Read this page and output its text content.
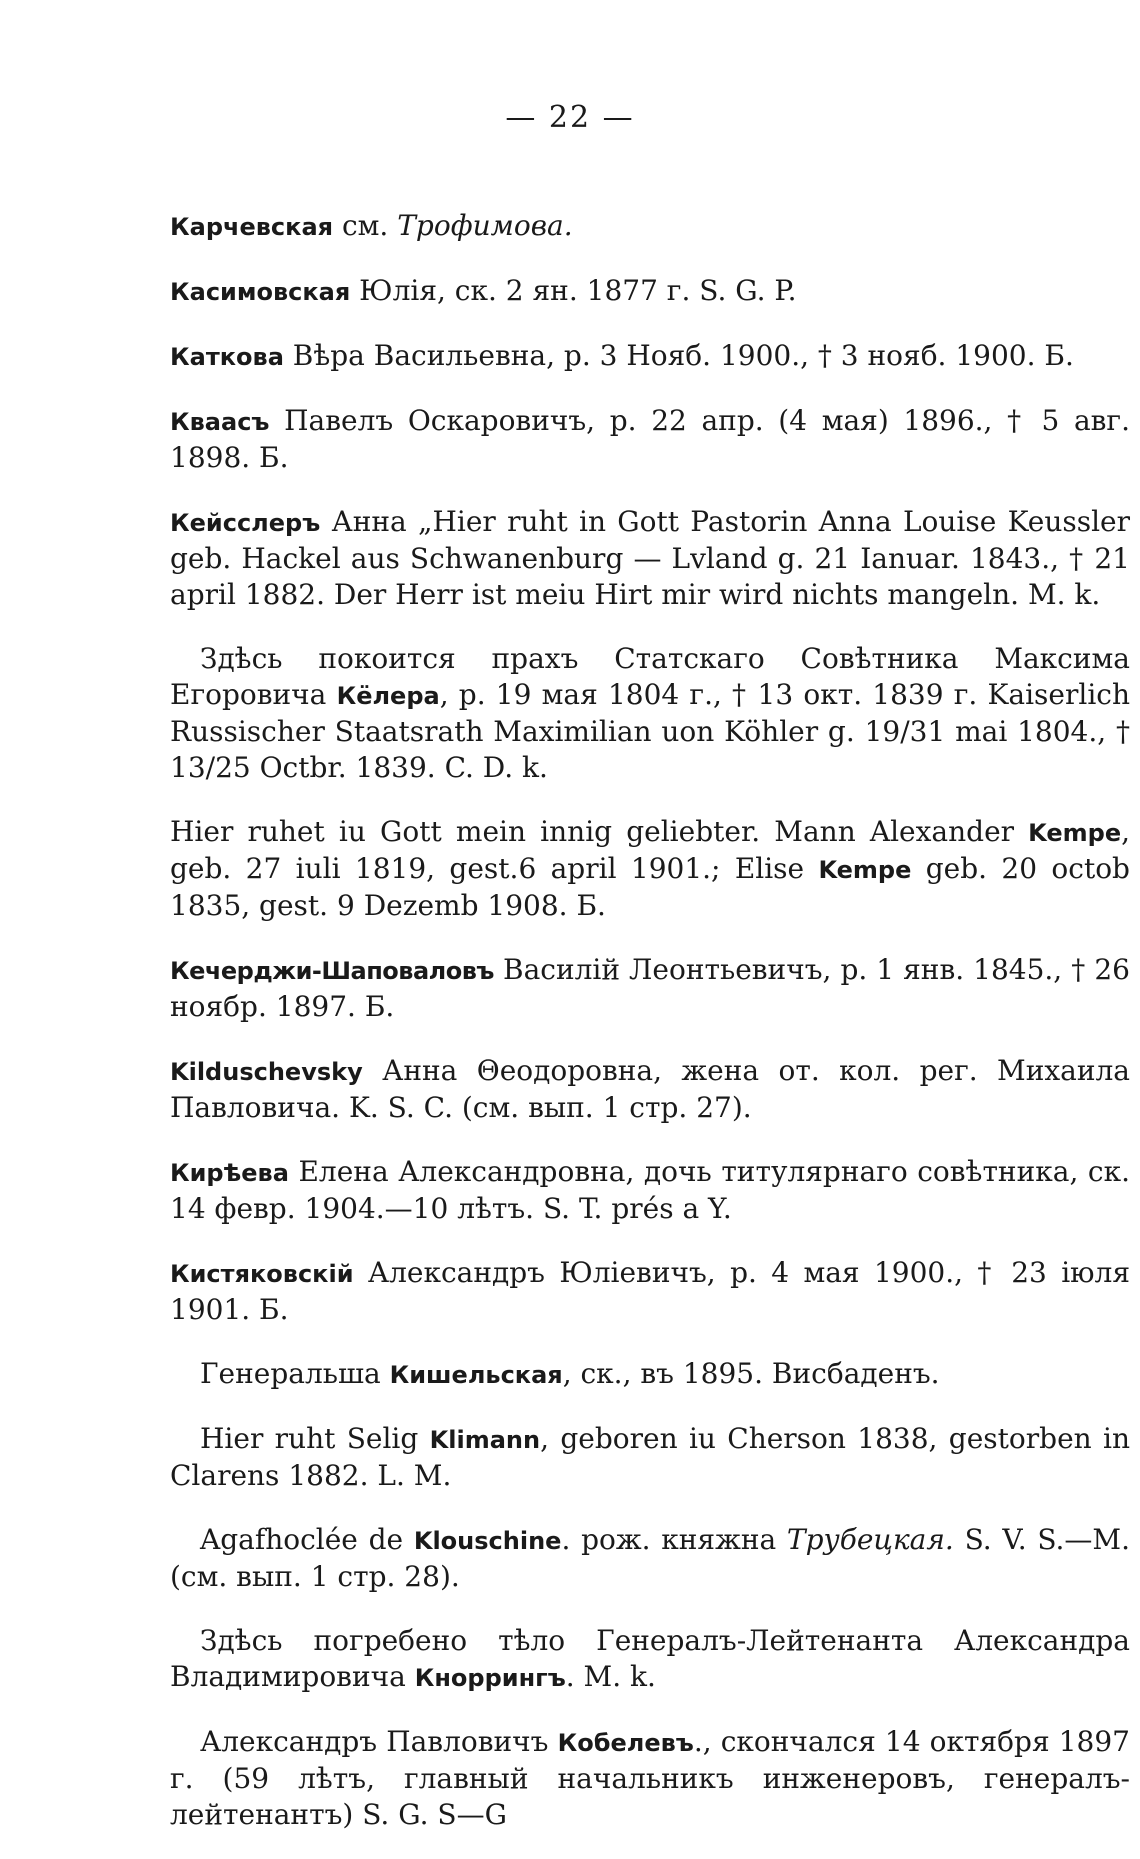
— 22 —

Карчевская см. Трофимова.

Касимовская Юлія, ск. 2 ян. 1877 г. S. G. P.

Каткова Вѣра Васильевна, р. 3 Нояб. 1900., † 3 нояб. 1900. Б.

Кваасъ Павелъ Оскаровичъ, р. 22 апр. (4 мая) 1896., † 5 авг. 1898. Б.

Кейсслеръ Анна „Hier ruht in Gott Pastorin Anna Louise Keussler geb. Hackel aus Schwanenburg — Lvland g. 21 Ianuar. 1843., † 21 april 1882. Der Herr ist meiu Hirt mir wird nichts mangeln. M. k.

Здѣсь покоится прахъ Статскаго Совѣтника Максима Егоровича Кёлера, р. 19 мая 1804 г., † 13 окт. 1839 г. Kaiserlich Russischer Staatsrath Maximilian uon Köhler g. 19/31 mai 1804., † 13/25 Octbr. 1839. C. D. k.

Hier ruhet iu Gott mein innig geliebter. Mann Alexander Kempe, geb. 27 iuli 1819, gest.6 april 1901.; Elise Kempe geb. 20 octob 1835, gest. 9 Dezemb 1908. Б.

Кечерджи-Шаповаловъ Василій Леонтьевичъ, р. 1 янв. 1845., † 26 ноябр. 1897. Б.

Kilduschevsky Анна Θеодоровна, жена от. кол. рег. Михаила Павловича. K. S. C. (см. вып. 1 стр. 27).

Кирѣева Елена Александровна, дочь титулярнаго совѣтника, ск. 14 февр. 1904.—10 лѣтъ. S. T. prés a Y.

Кистяковскій Александръ Юліевичъ, р. 4 мая 1900., † 23 іюля 1901. Б.

Генеральша Кишельская, ск., въ 1895. Висбаденъ.

Hier ruht Selig Klimann, geboren iu Cherson 1838, gestorben in Clarens 1882. L. M.

Agafhoclée de Klouschine. рож. княжна Трубецкая. S. V. S.—M. (см. вып. 1 стр. 28).

Здѣсь погребено тѣло Генералъ-Лейтенанта Александра Владимировича Кноррингъ. M. k.

Александръ Павловичъ Кобелевъ., скончался 14 октября 1897 г. (59 лѣтъ, главный начальникъ инженеровъ, генералъ-лейтенантъ) S. G. S—G
